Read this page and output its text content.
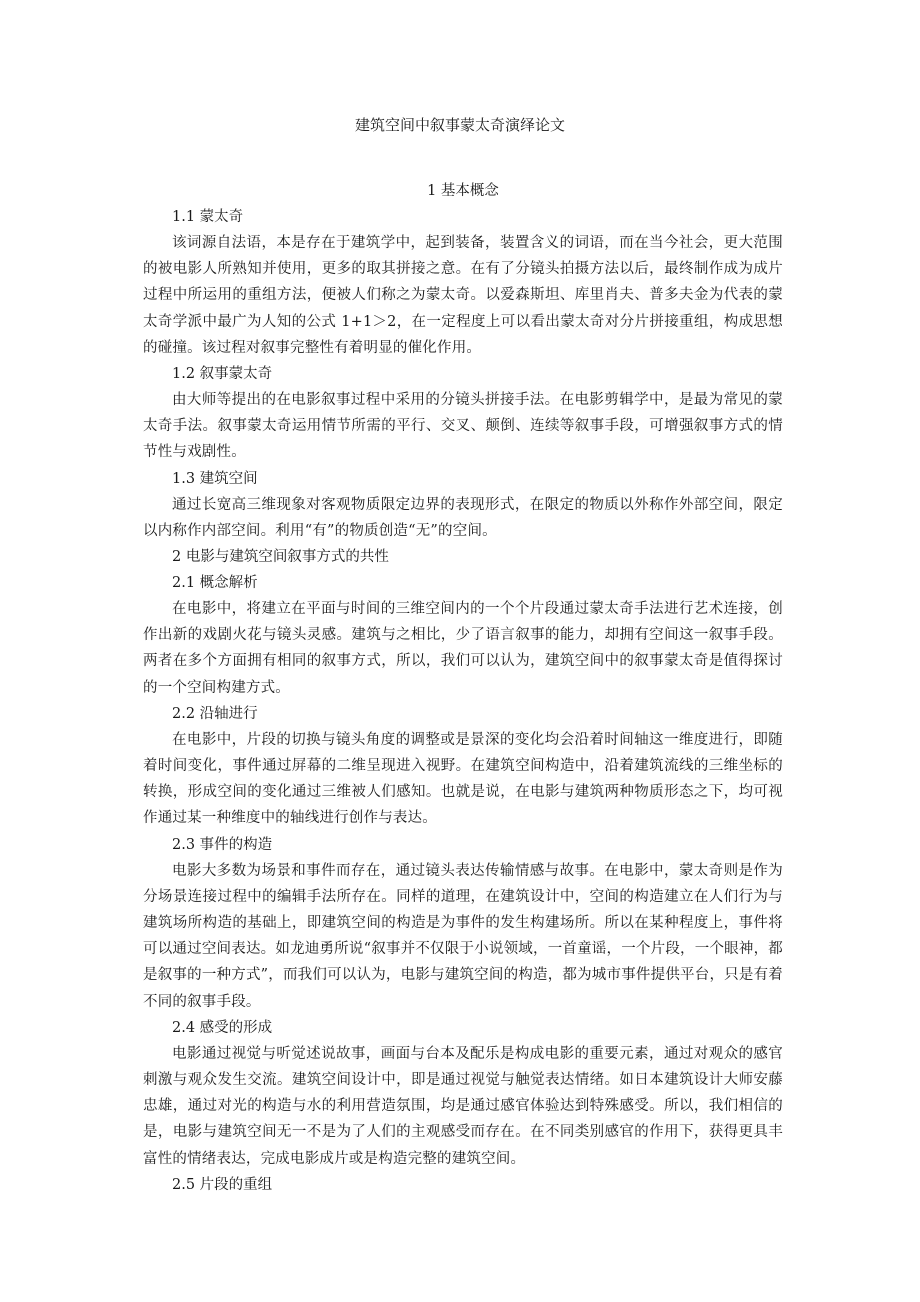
建筑空间中叙事蒙太奇演绎论文
1 基本概念
1.1 蒙太奇

该词源自法语，本是存在于建筑学中，起到装备，装置含义的词语，而在当今社会，更大范围的被电影人所熟知并使用，更多的取其拼接之意。在有了分镜头拍摄方法以后，最终制作成为成片过程中所运用的重组方法，便被人们称之为蒙太奇。以爱森斯坦、库里肖夫、普多夫金为代表的蒙太奇学派中最广为人知的公式 1+1＞2，在一定程度上可以看出蒙太奇对分片拼接重组，构成思想的碰撞。该过程对叙事完整性有着明显的催化作用。

1.2 叙事蒙太奇

由大师等提出的在电影叙事过程中采用的分镜头拼接手法。在电影剪辑学中，是最为常见的蒙太奇手法。叙事蒙太奇运用情节所需的平行、交叉、颠倒、连续等叙事手段，可增强叙事方式的情节性与戏剧性。

1.3 建筑空间

通过长宽高三维现象对客观物质限定边界的表现形式，在限定的物质以外称作外部空间，限定以内称作内部空间。利用“有”的物质创造“无”的空间。

2 电影与建筑空间叙事方式的共性
2.1 概念解析

在电影中，将建立在平面与时间的三维空间内的一个个片段通过蒙太奇手法进行艺术连接，创作出新的戏剧火花与镜头灵感。建筑与之相比，少了语言叙事的能力，却拥有空间这一叙事手段。两者在多个方面拥有相同的叙事方式，所以，我们可以认为，建筑空间中的叙事蒙太奇是值得探讨的一个空间构建方式。

2.2 沿轴进行

在电影中，片段的切换与镜头角度的调整或是景深的变化均会沿着时间轴这一维度进行，即随着时间变化，事件通过屏幕的二维呈现进入视野。在建筑空间构造中，沿着建筑流线的三维坐标的转换，形成空间的变化通过三维被人们感知。也就是说，在电影与建筑两种物质形态之下，均可视作通过某一种维度中的轴线进行创作与表达。

2.3 事件的构造

电影大多数为场景和事件而存在，通过镜头表达传输情感与故事。在电影中，蒙太奇则是作为分场景连接过程中的编辑手法所存在。同样的道理，在建筑设计中，空间的构造建立在人们行为与建筑场所构造的基础上，即建筑空间的构造是为事件的发生构建场所。所以在某种程度上，事件将可以通过空间表达。如龙迪勇所说“叙事并不仅限于小说领域，一首童谣，一个片段，一个眼神，都是叙事的一种方式”，而我们可以认为，电影与建筑空间的构造，都为城市事件提供平台，只是有着不同的叙事手段。

2.4 感受的形成

电影通过视觉与听觉述说故事，画面与台本及配乐是构成电影的重要元素，通过对观众的感官刺激与观众发生交流。建筑空间设计中，即是通过视觉与触觉表达情绪。如日本建筑设计大师安藤忠雄，通过对光的构造与水的利用营造氛围，均是通过感官体验达到特殊感受。所以，我们相信的是，电影与建筑空间无一不是为了人们的主观感受而存在。在不同类别感官的作用下，获得更具丰富性的情绪表达，完成电影成片或是构造完整的建筑空间。

2.5 片段的重组
